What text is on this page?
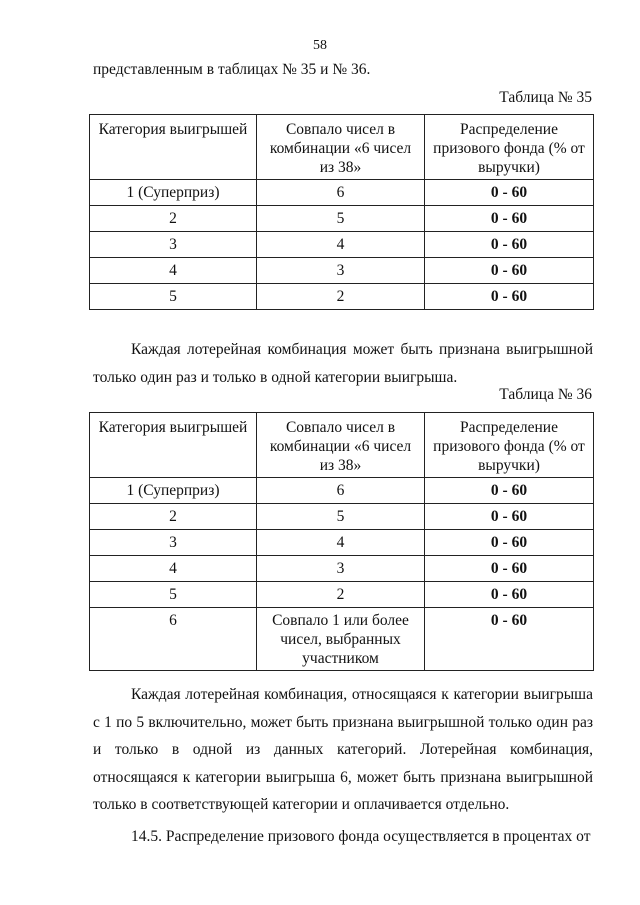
58
представленным в таблицах № 35 и № 36.
Таблица № 35
Категория выигрышей	Совпало чисел в комбинации «6 чисел из 38»	Распределение призового фонда (% от выручки)
1 (Суперприз)	6	0 - 60
2	5	0 - 60
3	4	0 - 60
4	3	0 - 60
5	2	0 - 60
Каждая лотерейная комбинация может быть признана выигрышной только один раз и только в одной категории выигрыша.
Таблица № 36
Категория выигрышей	Совпало чисел в комбинации «6 чисел из 38»	Распределение призового фонда (% от выручки)
1 (Суперприз)	6	0 - 60
2	5	0 - 60
3	4	0 - 60
4	3	0 - 60
5	2	0 - 60
6	Совпало 1 или более чисел, выбранных участником	0 - 60
Каждая лотерейная комбинация, относящаяся к категории выигрыша с 1 по 5 включительно, может быть признана выигрышной только один раз и только в одной из данных категорий. Лотерейная комбинация, относящаяся к категории выигрыша 6, может быть признана выигрышной только в соответствующей категории и оплачивается отдельно.
14.5. Распределение призового фонда осуществляется в процентах от
